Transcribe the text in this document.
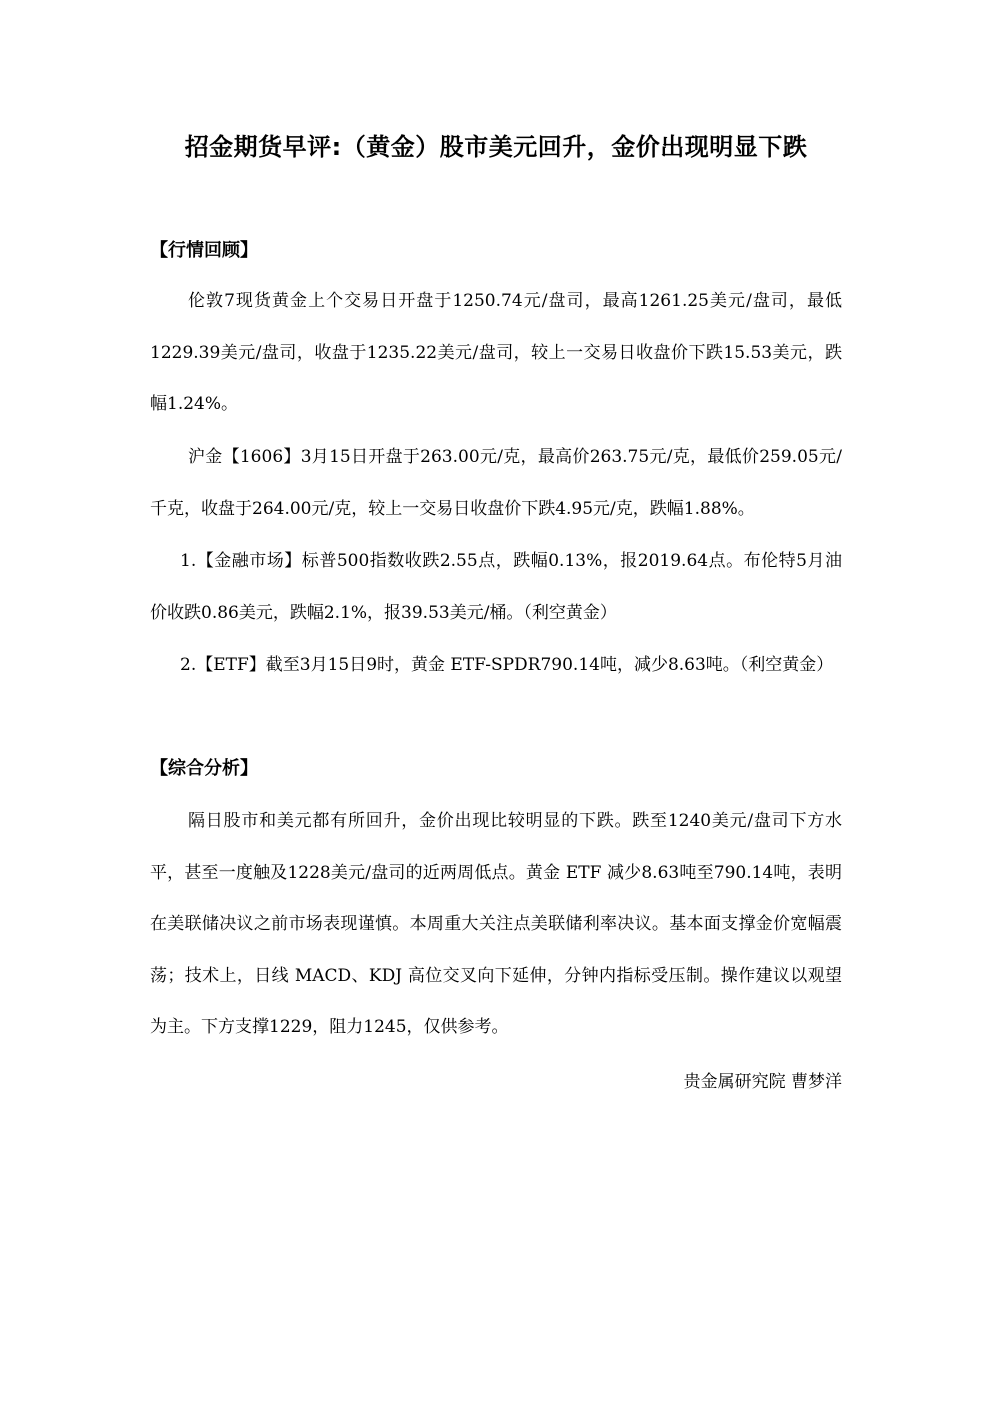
招金期货早评:（黄金）股市美元回升，金价出现明显下跌
【行情回顾】
伦敦7现货黄金上个交易日开盘于1250.74元/盘司，最高1261.25美元/盘司，最低1229.39美元/盘司，收盘于1235.22美元/盘司，较上一交易日收盘价下跌15.53美元，跌幅1.24%。
沪金【1606】3月15日开盘于263.00元/克，最高价263.75元/克，最低价259.05元/千克，收盘于264.00元/克，较上一交易日收盘价下跌4.95元/克，跌幅1.88%。
1.【金融市场】标普500指数收跌2.55点，跌幅0.13%，报2019.64点。布伦特5月油价收跌0.86美元，跌幅2.1%，报39.53美元/桶。（利空黄金）
2.【ETF】截至3月15日9时，黄金 ETF-SPDR790.14吨，减少8.63吨。（利空黄金）
【综合分析】
隔日股市和美元都有所回升，金价出现比较明显的下跌。跌至1240美元/盘司下方水平，甚至一度触及1228美元/盘司的近两周低点。黄金 ETF 减少8.63吨至790.14吨，表明在美联储决议之前市场表现谨慎。本周重大关注点美联储利率决议。基本面支撑金价宽幅震荡；技术上，日线 MACD、KDJ 高位交叉向下延伸，分钟内指标受压制。操作建议以观望为主。下方支撑1229，阻力1245，仅供参考。
贵金属研究院 曹梦洋
